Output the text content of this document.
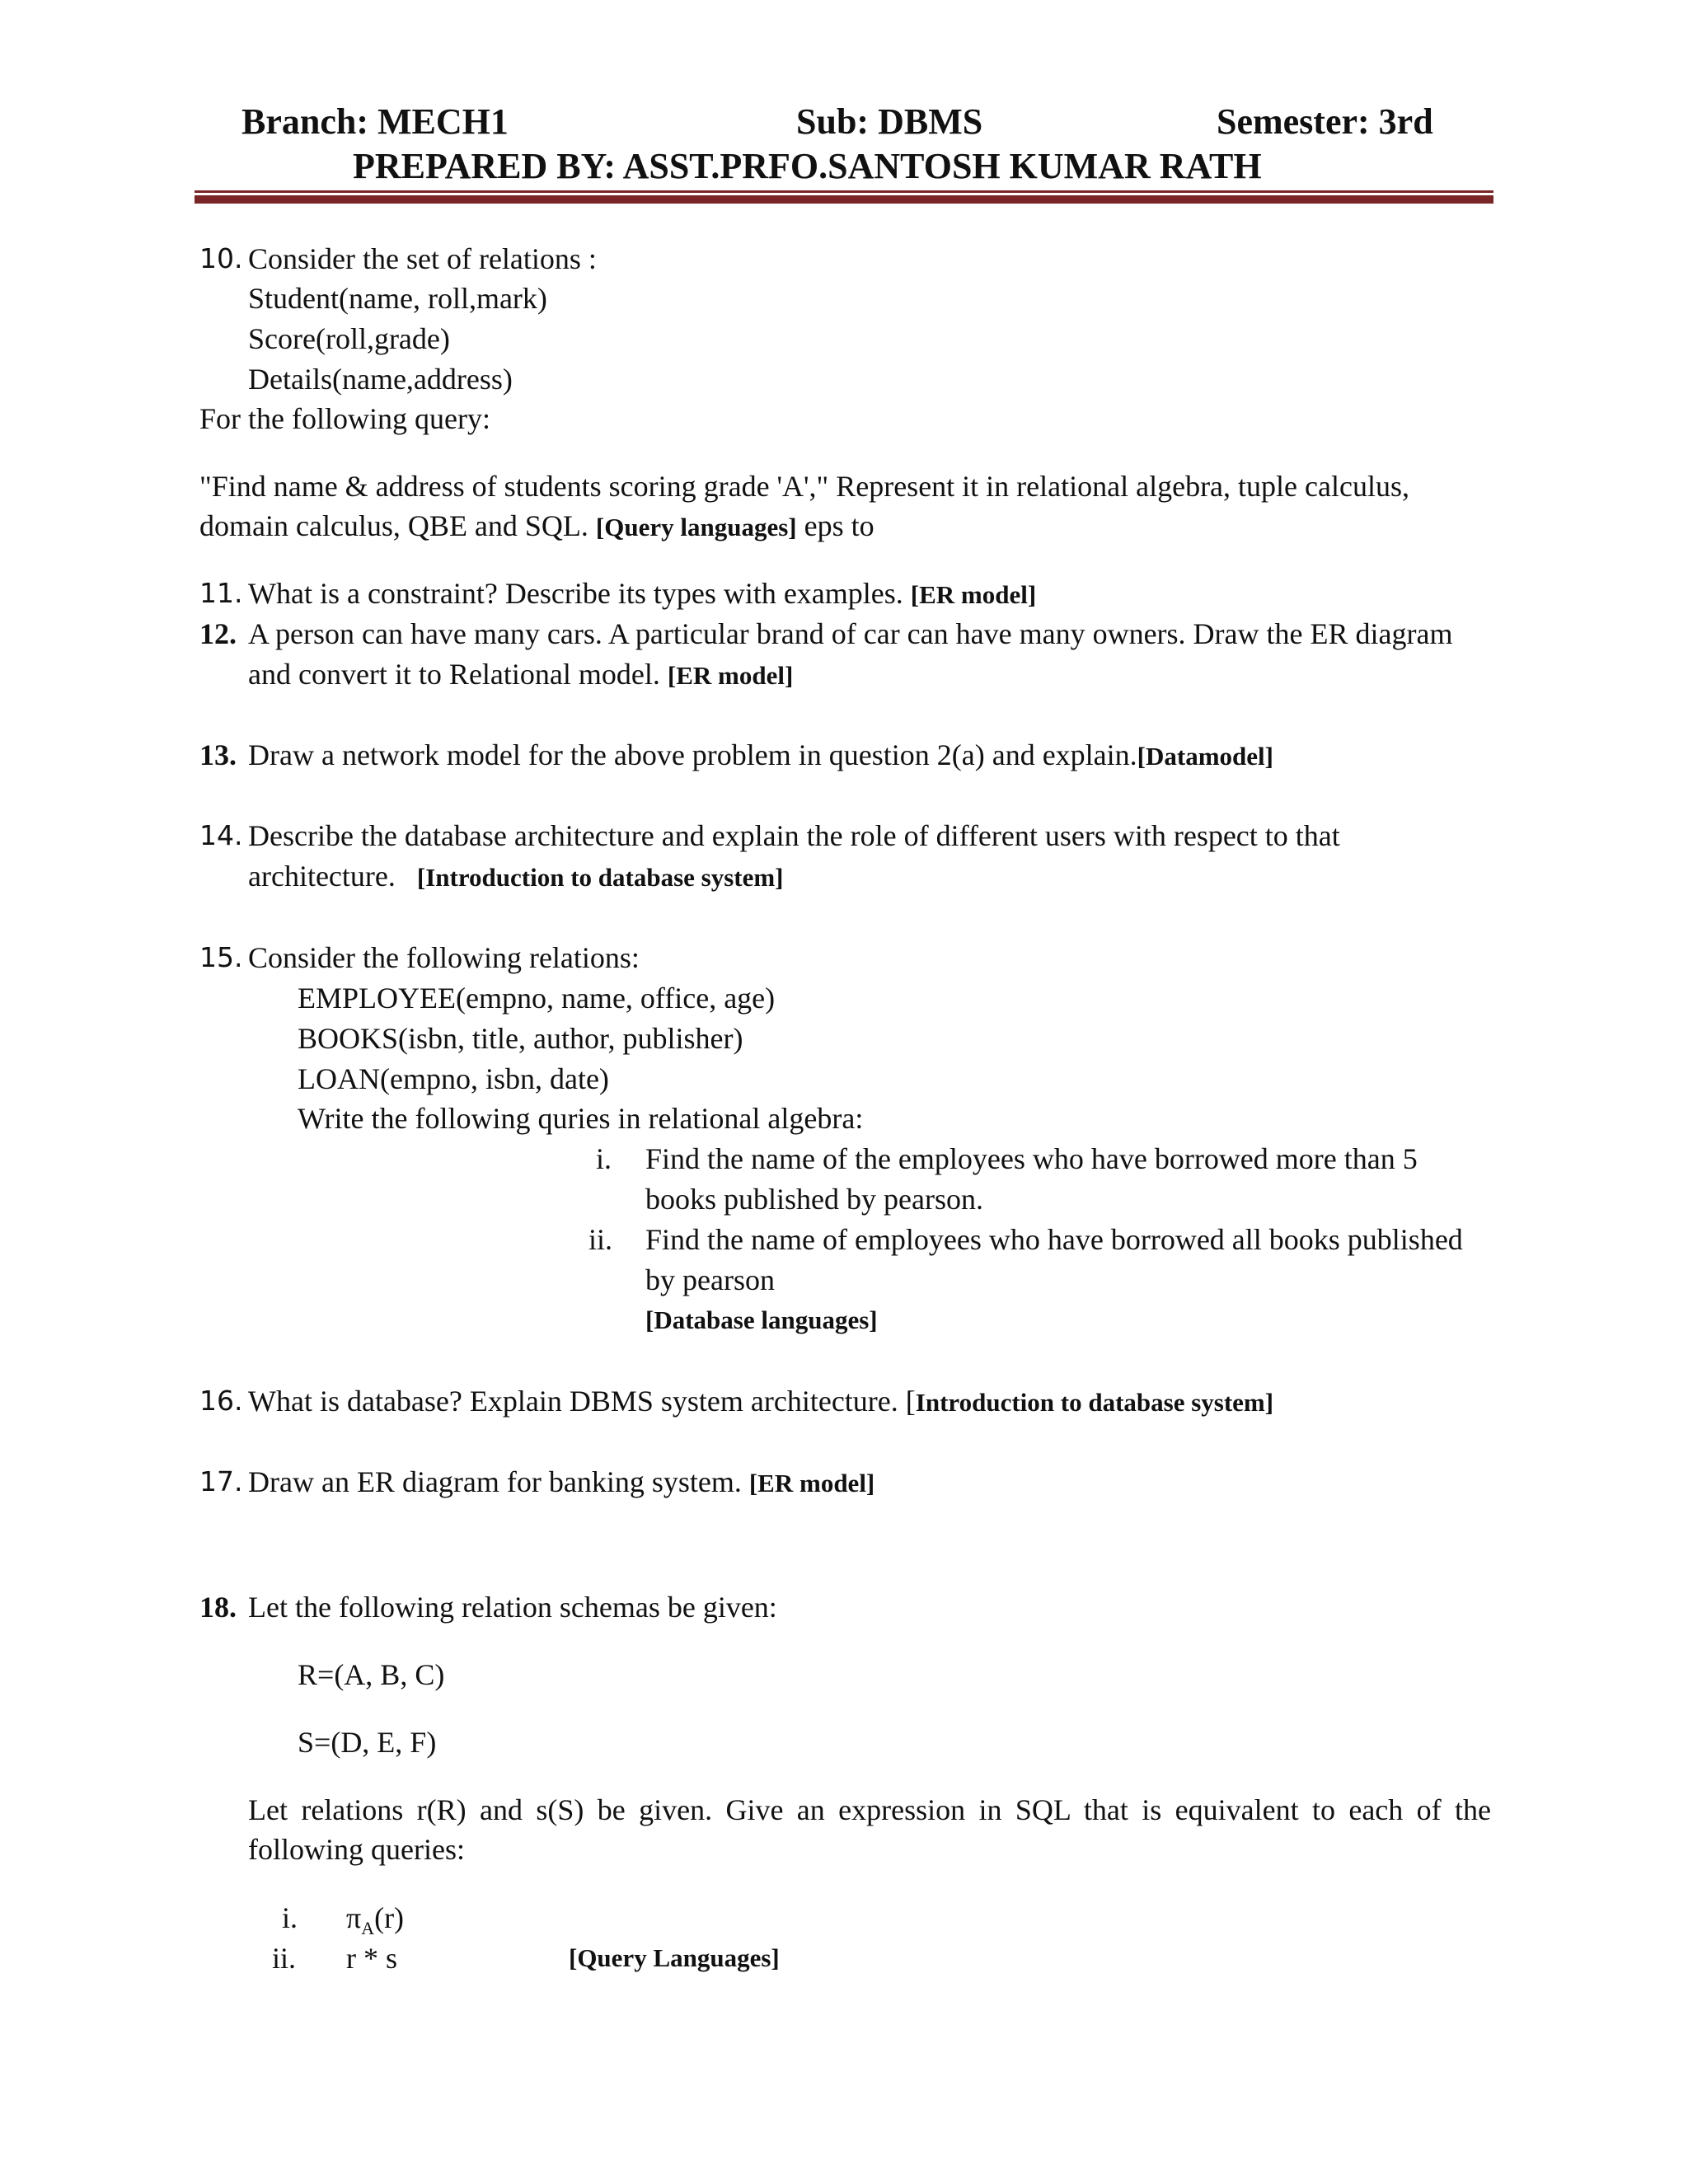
Branch: MECH1	Sub: DBMS	Semester: 3rd
PREPARED BY: ASST.PRFO.SANTOSH KUMAR RATH
10. Consider the set of relations :
Student(name, roll,mark)
Score(roll,grade)
Details(name,address)
For the following query:
"Find name & address of students scoring grade 'A'," Represent it in relational algebra, tuple calculus,
domain calculus, QBE and SQL. [Query languages] eps to
11. What is a constraint? Describe its types with examples. [ER model]
12. A person can have many cars. A particular brand of car can have many owners. Draw the ER diagram
and convert it to Relational model. [ER model]
13. Draw a network model for the above problem in question 2(a) and explain.[Datamodel]
14. Describe the database architecture and explain the role of different users with respect to that
architecture. [Introduction to database system]
15. Consider the following relations:
EMPLOYEE(empno, name, office, age)
BOOKS(isbn, title, author, publisher)
LOAN(empno, isbn, date)
Write the following quries in relational algebra:
i. Find the name of the employees who have borrowed more than 5
books published by pearson.
ii. Find the name of employees who have borrowed all books published
by pearson
[Database languages]
16. What is database? Explain DBMS system architecture. [Introduction to database system]
17. Draw an ER diagram for banking system. [ER model]
18. Let the following relation schemas be given:
R=(A, B, C)
S=(D, E, F)
Let relations r(R) and s(S) be given. Give an expression in SQL that is equivalent to each of the following queries:
i. $\pi_A(r)$
ii. r * s	[Query Languages]
